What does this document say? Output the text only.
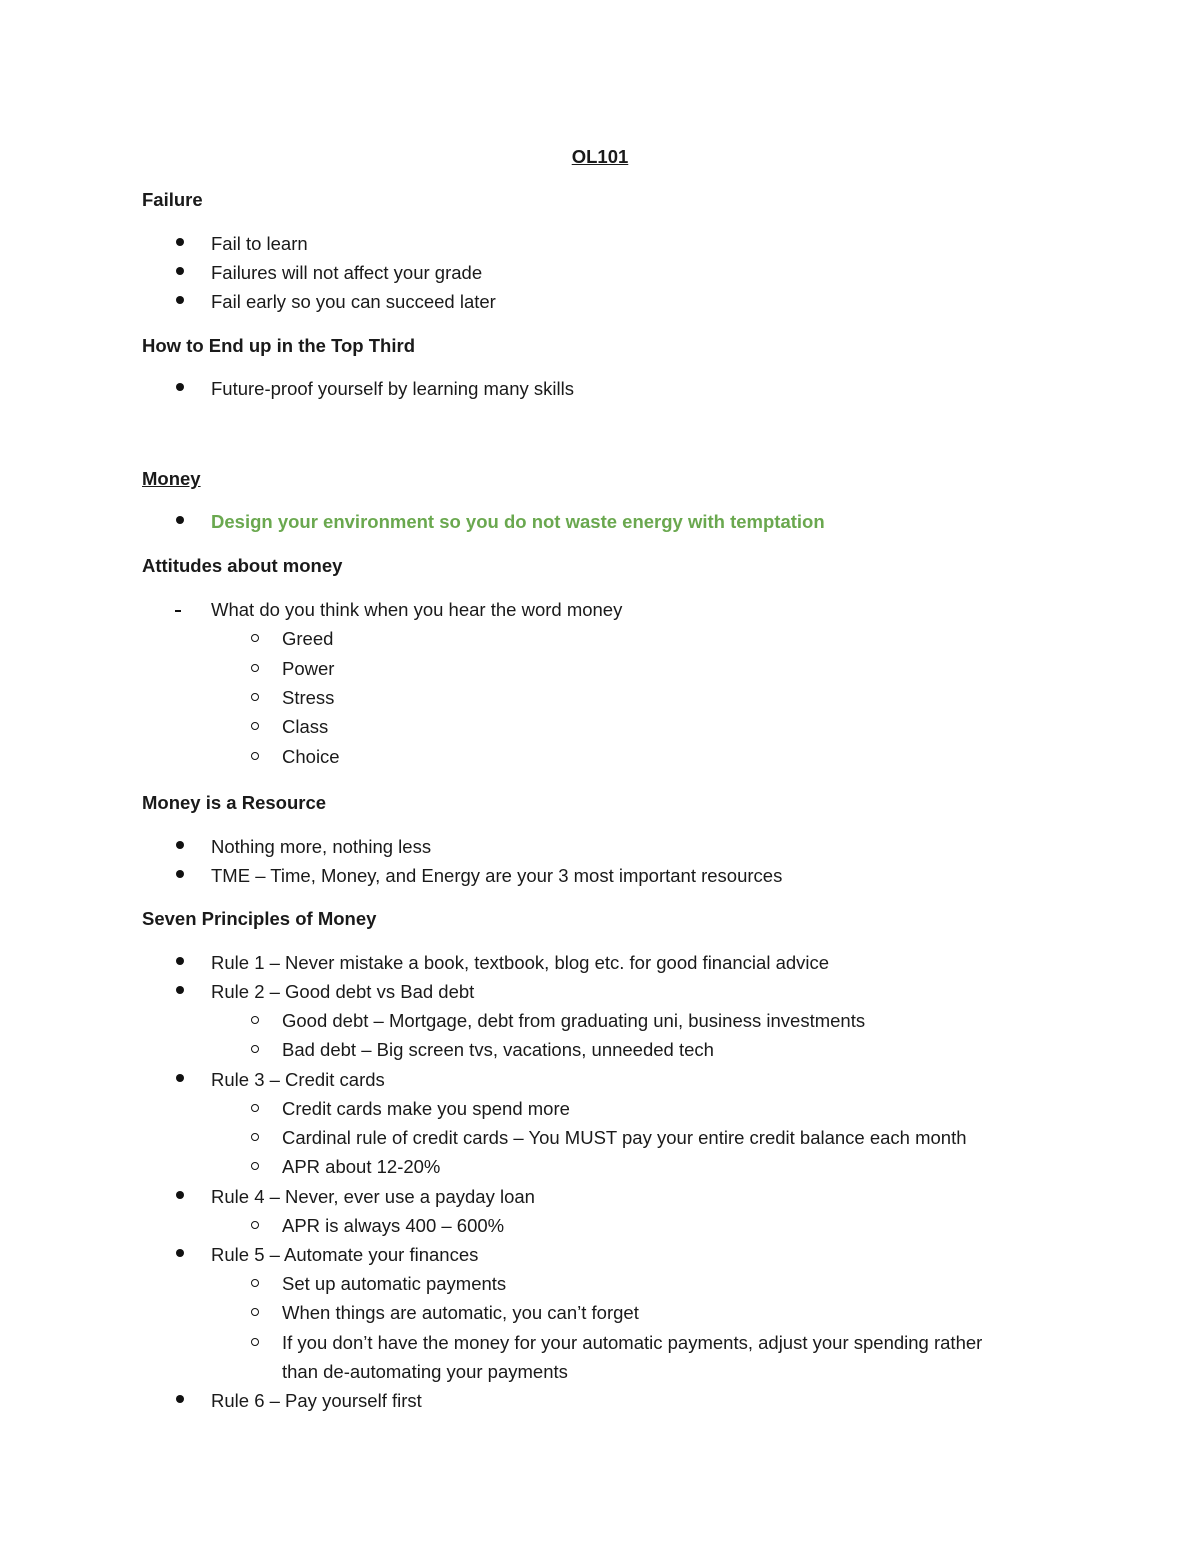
OL101
Failure
Fail to learn
Failures will not affect your grade
Fail early so you can succeed later
How to End up in the Top Third
Future-proof yourself by learning many skills
Money
Design your environment so you do not waste energy with temptation
Attitudes about money
What do you think when you hear the word money
Greed
Power
Stress
Class
Choice
Money is a Resource
Nothing more, nothing less
TME – Time, Money, and Energy are your 3 most important resources
Seven Principles of Money
Rule 1 – Never mistake a book, textbook, blog etc. for good financial advice
Rule 2 – Good debt vs Bad debt
Good debt – Mortgage, debt from graduating uni, business investments
Bad debt – Big screen tvs, vacations, unneeded tech
Rule 3 – Credit cards
Credit cards make you spend more
Cardinal rule of credit cards – You MUST pay your entire credit balance each month
APR about 12-20%
Rule 4 – Never, ever use a payday loan
APR is always 400 – 600%
Rule 5 – Automate your finances
Set up automatic payments
When things are automatic, you can’t forget
If you don’t have the money for your automatic payments, adjust your spending rather
than de-automating your payments
Rule 6 – Pay yourself first
